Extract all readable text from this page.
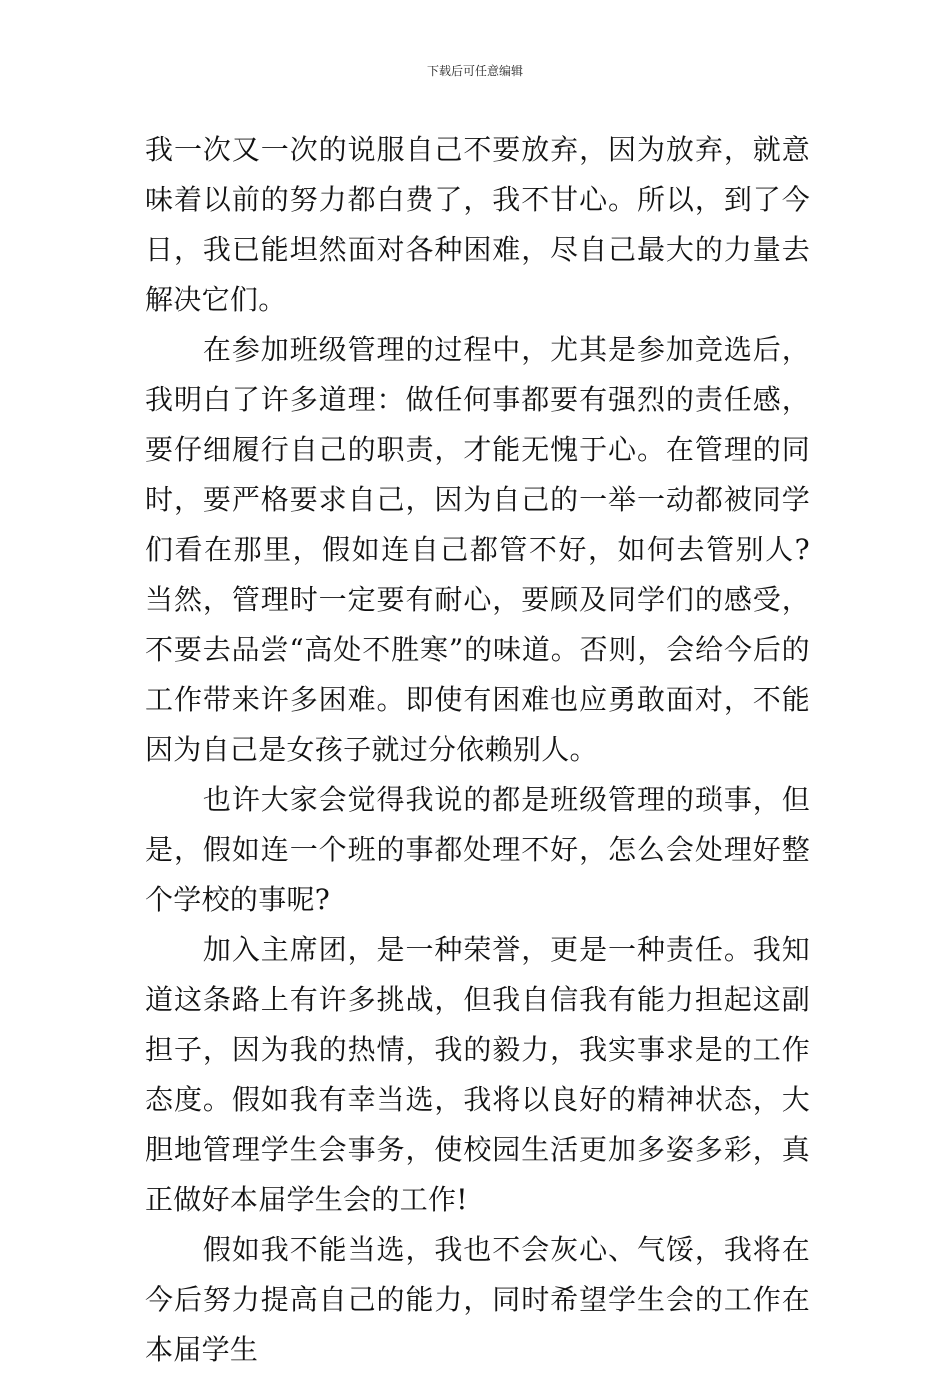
下载后可任意编辑

我一次又一次的说服自己不要放弃，因为放弃，就意味着以前的努力都白费了，我不甘心。所以，到了今日，我已能坦然面对各种困难，尽自己最大的力量去解决它们。

　　在参加班级管理的过程中，尤其是参加竞选后，我明白了许多道理：做任何事都要有强烈的责任感，要仔细履行自己的职责，才能无愧于心。在管理的同时，要严格要求自己，因为自己的一举一动都被同学们看在那里，假如连自己都管不好，如何去管别人?当然，管理时一定要有耐心，要顾及同学们的感受，不要去品尝“高处不胜寒”的味道。否则，会给今后的工作带来许多困难。即使有困难也应勇敢面对，不能因为自己是女孩子就过分依赖别人。

　　也许大家会觉得我说的都是班级管理的琐事，但是，假如连一个班的事都处理不好，怎么会处理好整个学校的事呢?

　　加入主席团，是一种荣誉，更是一种责任。我知道这条路上有许多挑战，但我自信我有能力担起这副担子，因为我的热情，我的毅力，我实事求是的工作态度。假如我有幸当选，我将以良好的精神状态，大胆地管理学生会事务，使校园生活更加多姿多彩，真正做好本届学生会的工作!

　　假如我不能当选，我也不会灰心、气馁，我将在今后努力提高自己的能力，同时希望学生会的工作在本届学生
